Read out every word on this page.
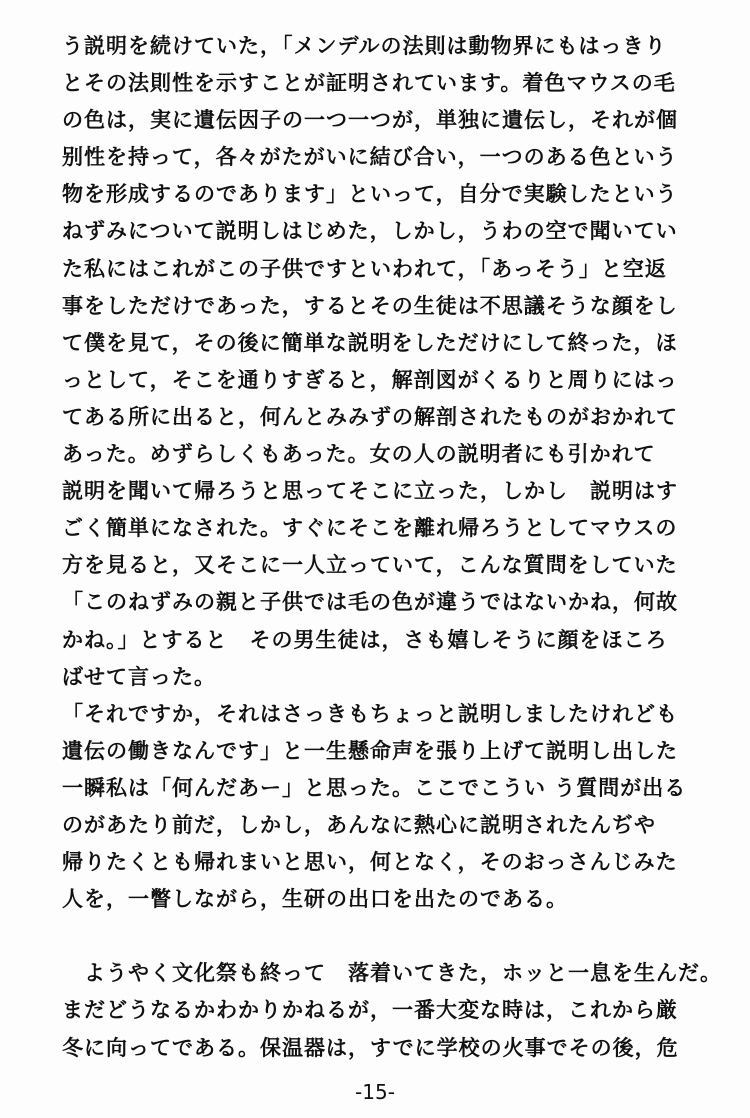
う説明を続けていた，「メンデルの法則は動物界にもはっきり
とその法則性を示すことが証明されています。着色マウスの毛
の色は，実に遺伝因子の一つ一つが，単独に遺伝し，それが個
别性を持って，各々がたがいに結び合い，一つのある色という
物を形成するのであります」といって，自分で実験したという
ねずみについて説明しはじめた，しかし，うわの空で聞いてい
た私にはこれがこの子供ですといわれて，「あっそう」と空返
事をしただけであった，するとその生徒は不思議そうな顔をし
て僕を見て，その後に簡単な説明をしただけにして終った，ほ
っとして，そこを通りすぎると，解剖図がくるりと周りにはっ
てある所に出ると，何んとみみずの解剖されたものがおかれて
あった。めずらしくもあった。女の人の説明者にも引かれて
説明を聞いて帰ろうと思ってそこに立った，しかし　説明はす
ごく簡単になされた。すぐにそこを離れ帰ろうとしてマウスの
方を見ると，又そこに一人立っていて，こんな質問をしていた
「このねずみの親と子供では毛の色が違うではないかね，何故
かね。」とすると　その男生徒は，さも嬉しそうに顔をほころ
ばせて言った。
「それですか，それはさっきもちょっと説明しましたけれども
遺伝の働きなんです」と一生懸命声を張り上げて説明し出した
一瞬私は「何んだあー」と思った。ここでこうい う質問が出る
のがあたり前だ，しかし，あんなに熱心に説明されたんぢや
帰りたくとも帰れまいと思い，何となく，そのおっさんじみた
人を，一瞥しながら，生研の出口を出たのである。
　ようやく文化祭も終って　落着いてきた，ホッと一息を生んだ。
まだどうなるかわかりかねるが，一番大変な時は，これから厳
冬に向ってである。保温器は，すでに学校の火事でその後，危
-15-
